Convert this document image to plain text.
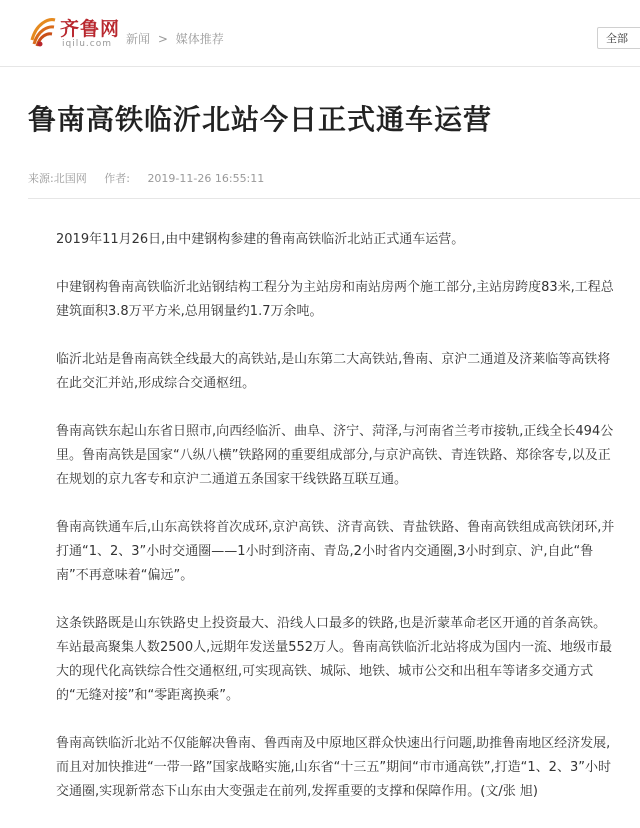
齐鲁网
iqilu.com 新闻 > 媒体推荐	全部
鲁南高铁临沂北站今日正式通车运营
来源:北国网 作者: 2019-11-26 16:55:11

2019年11月26日,由中建钢构参建的鲁南高铁临沂北站正式通车运营。

中建钢构鲁南高铁临沂北站钢结构工程分为主站房和南站房两个施工部分,主站房跨度83米,工程总建筑面积3.8万平方米,总用钢量约1.7万余吨。

临沂北站是鲁南高铁全线最大的高铁站,是山东第二大高铁站,鲁南、京沪二通道及济莱临等高铁将在此交汇并站,形成综合交通枢纽。

鲁南高铁东起山东省日照市,向西经临沂、曲阜、济宁、菏泽,与河南省兰考市接轨,正线全长494公里。鲁南高铁是国家“八纵八横”铁路网的重要组成部分,与京沪高铁、青连铁路、郑徐客专,以及正在规划的京九客专和京沪二通道五条国家干线铁路互联互通。

鲁南高铁通车后,山东高铁将首次成环,京沪高铁、济青高铁、青盐铁路、鲁南高铁组成高铁闭环,并打通“1、2、3”小时交通圈——1小时到济南、青岛,2小时省内交通圈,3小时到京、沪,自此“鲁南”不再意味着“偏远”。

这条铁路既是山东铁路史上投资最大、沿线人口最多的铁路,也是沂蒙革命老区开通的首条高铁。车站最高聚集人数2500人,远期年发送量552万人。鲁南高铁临沂北站将成为国内一流、地级市最大的现代化高铁综合性交通枢纽,可实现高铁、城际、地铁、城市公交和出租车等诸多交通方式的“无缝对接”和“零距离换乘”。

鲁南高铁临沂北站不仅能解决鲁南、鲁西南及中原地区群众快速出行问题,助推鲁南地区经济发展,而且对加快推进“一带一路”国家战略实施,山东省“十三五”期间“市市通高铁”,打造“1、2、3”小时交通圈,实现新常态下山东由大变强走在前列,发挥重要的支撑和保障作用。(文/张 旭)
